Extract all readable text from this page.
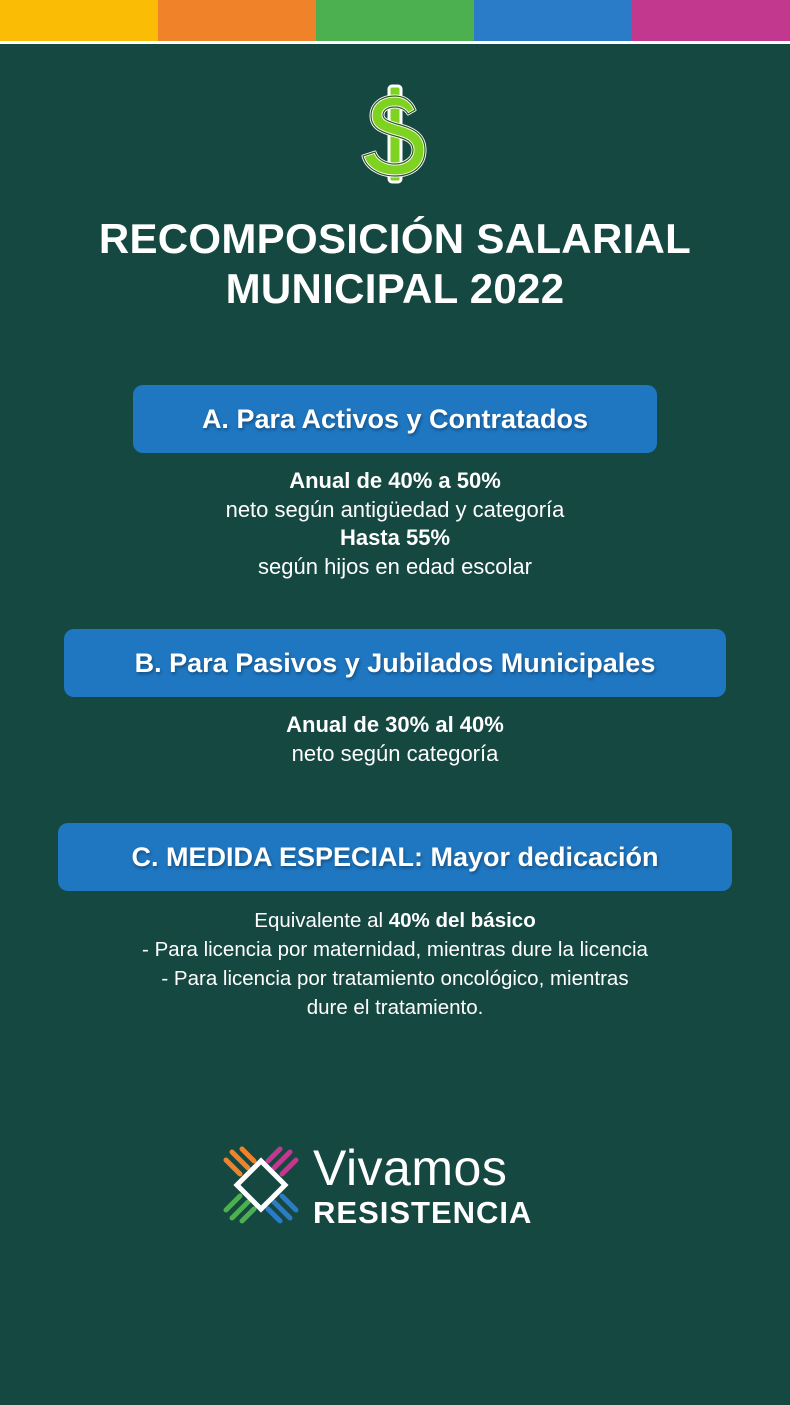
RECOMPOSICIÓN SALARIAL
MUNICIPAL 2022
A. Para Activos y Contratados
Anual de 40% a 50%
neto según antigüedad y categoría
Hasta 55%
según hijos en edad escolar
B. Para Pasivos y Jubilados Municipales
Anual de 30% al 40%
neto según categoría
C. MEDIDA ESPECIAL: Mayor dedicación
Equivalente al 40% del básico
- Para licencia por maternidad, mientras dure la licencia
- Para licencia por tratamiento oncológico, mientras
dure el tratamiento.
Vivamos
RESISTENCIA
